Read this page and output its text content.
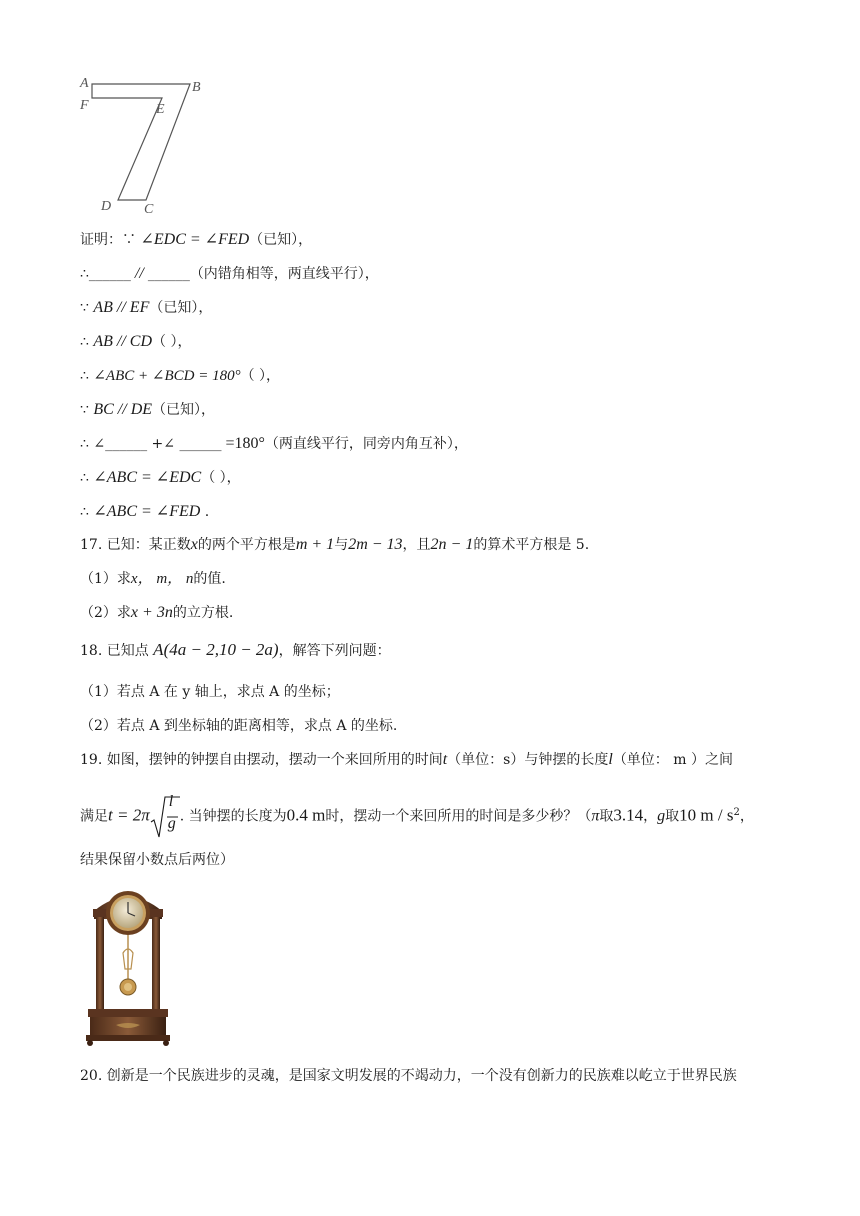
A	B
F	E
D C
证明：∵ ∠EDC = ∠FED（已知），
∴______ // ______（内错角相等，两直线平行），
∵ AB // EF（已知），
∴ AB // CD（ ），
∴ ∠ABC + ∠BCD = 180°（ ），
∵ BC // DE（已知），
∴ ∠______ +∠ ______ =180°（两直线平行，同旁内角互补），
∴ ∠ABC = ∠EDC（ ），
∴ ∠ABC = ∠FED .
17. 已知：某正数x的两个平方根是m + 1与2m − 13，且2n − 1的算术平方根是 5.
（1）求x， m， n的值.
（2）求x + 3n的立方根.
18. 已知点 A(4a − 2,10 − 2a)，解答下列问题：
（1）若点 A 在 y 轴上，求点 A 的坐标；
（2）若点 A 到坐标轴的距离相等，求点 A 的坐标.
19. 如图，摆钟的钟摆自由摆动，摆动一个来回所用的时间t（单位：s）与钟摆的长度l（单位： m ）之间
满足t = 2π
l
g . 当钟摆的长度为0.4 m时，摆动一个来回所用的时间是多少秒？（π取3.14，g取10 m / $s^2$，
结果保留小数点后两位）
20. 创新是一个民族进步的灵魂，是国家文明发展的不竭动力，一个没有创新力的民族难以屹立于世界民族
